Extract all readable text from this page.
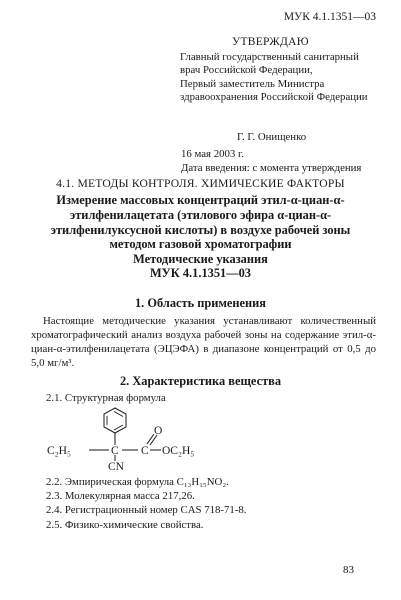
МУК 4.1.1351—03
УТВЕРЖДАЮ
Главный государственный санитарный
врач Российской Федерации,
Первый заместитель Министра
здравоохранения Российской Федерации
Г. Г. Онищенко
16 мая 2003 г.
Дата введения: с момента утверждения
4.1. МЕТОДЫ КОНТРОЛЯ. ХИМИЧЕСКИЕ ФАКТОРЫ
Измерение массовых концентраций этил-α-циан-α-
этилфенилацетата (этилового эфира α-циан-α-
этилфенилуксусной кислоты) в воздухе рабочей зоны
методом газовой хроматографии
Методические указания
МУК 4.1.1351—03
1. Область применения
Настоящие методические указания устанавливают количественный хроматографический анализ воздуха рабочей зоны на содержание этил-α-циан-α-этилфенилацетата (ЭЦЭФА) в диапазоне концентраций от 0,5 до 5,0 мг/м³.
2. Характеристика вещества
2.1. Структурная формула
C₂H₅	C C
O
OC₂H₅
CN
2.2. Эмпирическая формула C₁₃H₁₅NO₂.
2.3. Молекулярная масса 217,26.
2.4. Регистрационный номер CAS 718-71-8.
2.5. Физико-химические свойства.
83
